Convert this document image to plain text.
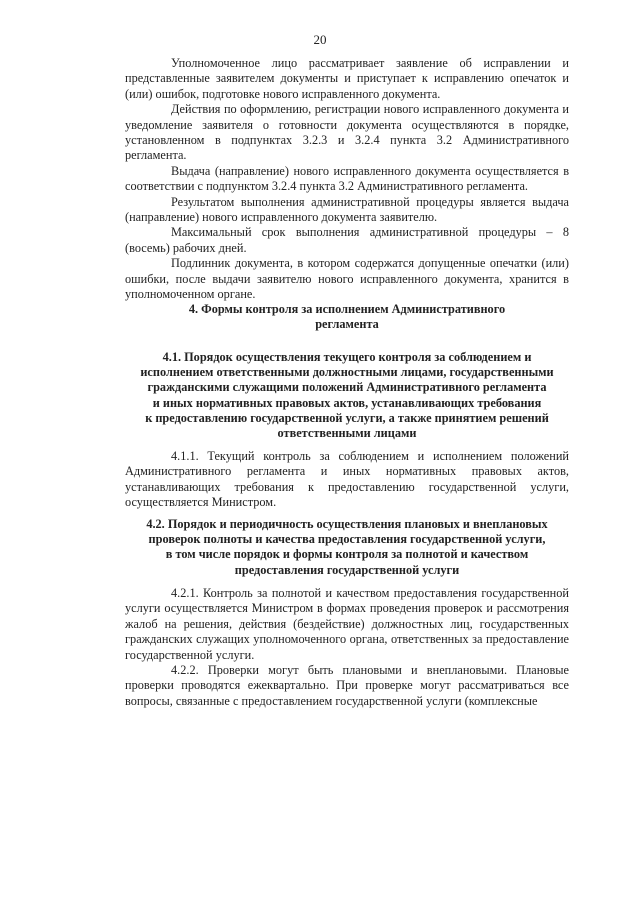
20

Уполномоченное лицо рассматривает заявление об исправлении и представленные заявителем документы и приступает к исправлению опечаток и (или) ошибок, подготовке нового исправленного документа.

Действия по оформлению, регистрации нового исправленного документа и уведомление заявителя о готовности документа осуществляются в порядке, установленном в подпунктах 3.2.3 и 3.2.4 пункта 3.2 Административного регламента.

Выдача (направление) нового исправленного документа осуществляется в соответствии с подпунктом 3.2.4 пункта 3.2 Административного регламента.

Результатом выполнения административной процедуры является выдача (направление) нового исправленного документа заявителю.

Максимальный срок выполнения административной процедуры – 8 (восемь) рабочих дней.

Подлинник документа, в котором содержатся допущенные опечатки (или) ошибки, после выдачи заявителю нового исправленного документа, хранится в уполномоченном органе.

4. Формы контроля за исполнением Административного

регламента

4.1. Порядок осуществления текущего контроля за соблюдением и

исполнением ответственными должностными лицами, государственными

гражданскими служащими положений Административного регламента

и иных нормативных правовых актов, устанавливающих требования

к предоставлению государственной услуги, а также принятием решений

ответственными лицами

4.1.1. Текущий контроль за соблюдением и исполнением положений Административного регламента и иных нормативных правовых актов, устанавливающих требования к предоставлению государственной услуги, осуществляется Министром.

4.2. Порядок и периодичность осуществления плановых и внеплановых

проверок полноты и качества предоставления государственной услуги,

в том числе порядок и формы контроля за полнотой и качеством

предоставления государственной услуги

4.2.1. Контроль за полнотой и качеством предоставления государственной услуги осуществляется Министром в формах проведения проверок и рассмотрения жалоб на решения, действия (бездействие) должностных лиц, государственных гражданских служащих уполномоченного органа, ответственных за предоставление государственной услуги.

4.2.2. Проверки могут быть плановыми и внеплановыми. Плановые проверки проводятся ежеквартально. При проверке могут рассматриваться все вопросы, связанные с предоставлением государственной услуги (комплексные
